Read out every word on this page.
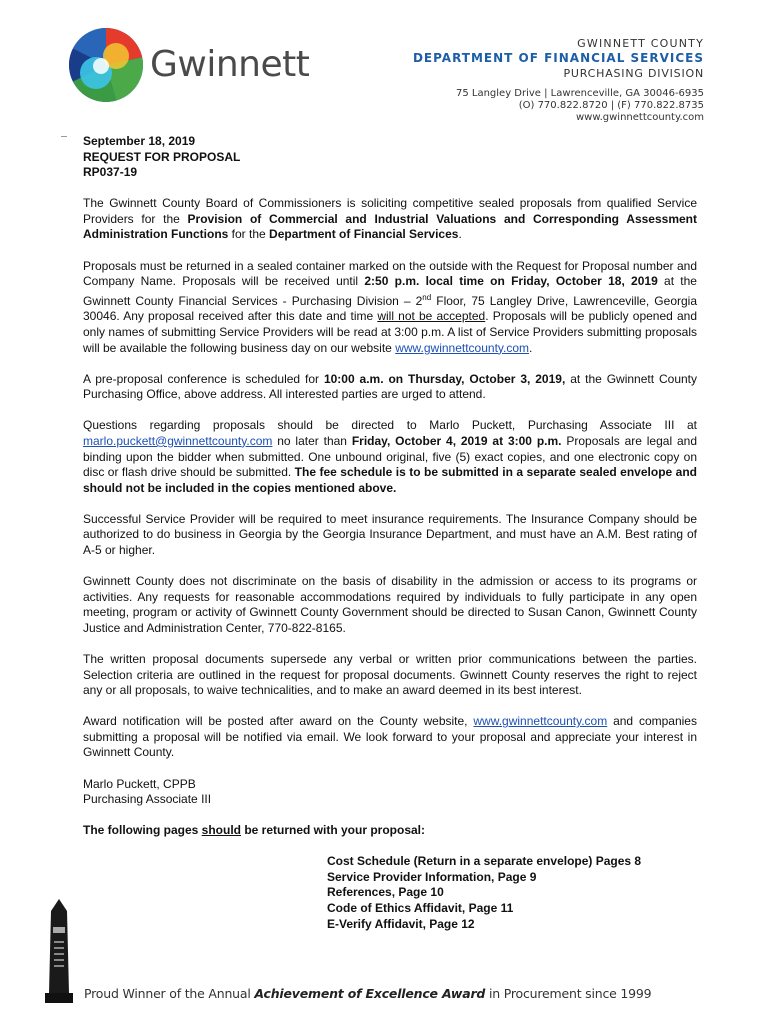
Gwinnett
GWINNETT COUNTY
DEPARTMENT OF FINANCIAL SERVICES
PURCHASING DIVISION
75 Langley Drive | Lawrenceville, GA 30046-6935
(O) 770.822.8720 | (F) 770.822.8735
www.gwinnettcounty.com

September 18, 2019

REQUEST FOR PROPOSAL

RP037-19

The Gwinnett County Board of Commissioners is soliciting competitive sealed proposals from qualified Service Providers for the Provision of Commercial and Industrial Valuations and Corresponding Assessment Administration Functions for the Department of Financial Services.

Proposals must be returned in a sealed container marked on the outside with the Request for Proposal number and Company Name. Proposals will be received until 2:50 p.m. local time on Friday, October 18, 2019 at the Gwinnett County Financial Services - Purchasing Division – 2nd Floor, 75 Langley Drive, Lawrenceville, Georgia 30046. Any proposal received after this date and time will not be accepted. Proposals will be publicly opened and only names of submitting Service Providers will be read at 3:00 p.m. A list of Service Providers submitting proposals will be available the following business day on our website www.gwinnettcounty.com.

A pre-proposal conference is scheduled for 10:00 a.m. on Thursday, October 3, 2019, at the Gwinnett County Purchasing Office, above address. All interested parties are urged to attend.

Questions regarding proposals should be directed to Marlo Puckett, Purchasing Associate III at marlo.puckett@gwinnettcounty.com no later than Friday, October 4, 2019 at 3:00 p.m. Proposals are legal and binding upon the bidder when submitted. One unbound original, five (5) exact copies, and one electronic copy on disc or flash drive should be submitted. The fee schedule is to be submitted in a separate sealed envelope and should not be included in the copies mentioned above.

Successful Service Provider will be required to meet insurance requirements. The Insurance Company should be authorized to do business in Georgia by the Georgia Insurance Department, and must have an A.M. Best rating of A-5 or higher.

Gwinnett County does not discriminate on the basis of disability in the admission or access to its programs or activities. Any requests for reasonable accommodations required by individuals to fully participate in any open meeting, program or activity of Gwinnett County Government should be directed to Susan Canon, Gwinnett County Justice and Administration Center, 770-822-8165.

The written proposal documents supersede any verbal or written prior communications between the parties. Selection criteria are outlined in the request for proposal documents. Gwinnett County reserves the right to reject any or all proposals, to waive technicalities, and to make an award deemed in its best interest.

Award notification will be posted after award on the County website, www.gwinnettcounty.com and companies submitting a proposal will be notified via email. We look forward to your proposal and appreciate your interest in Gwinnett County.

Marlo Puckett, CPPB

Purchasing Associate III

The following pages should be returned with your proposal:

Cost Schedule (Return in a separate envelope) Pages 8
Service Provider Information, Page 9
References, Page 10
Code of Ethics Affidavit, Page 11
E-Verify Affidavit, Page 12
Proud Winner of the Annual Achievement of Excellence Award in Procurement since 1999
